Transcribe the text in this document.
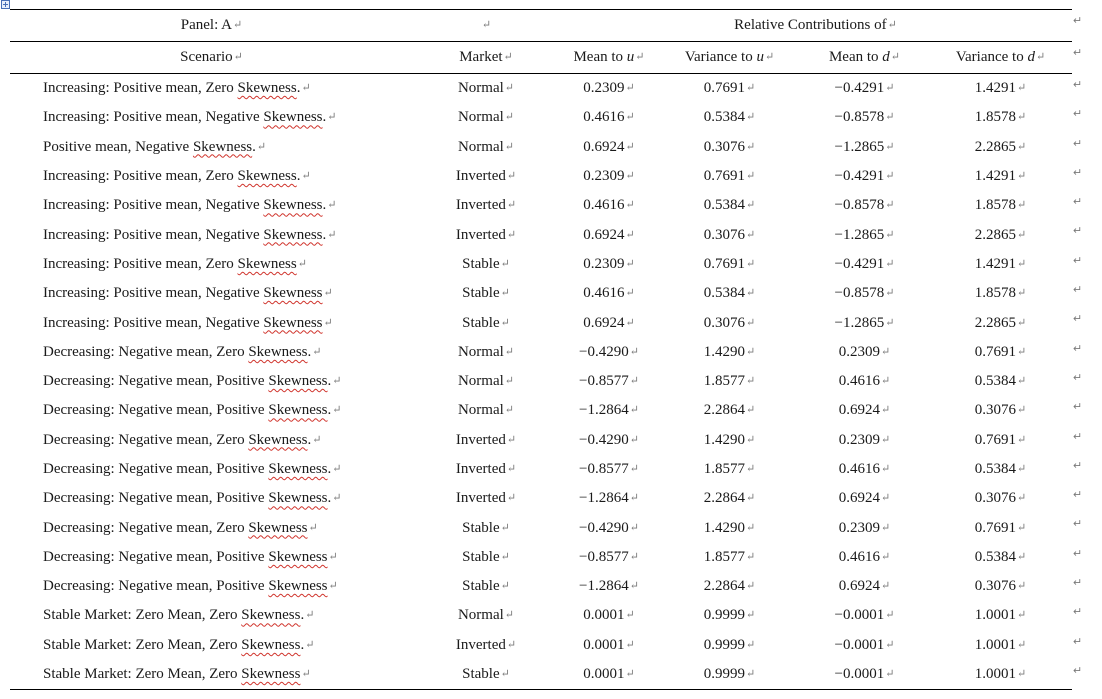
Panel: A↵	↵	Relative Contributions of↵			
Scenario↵	Market↵	Mean to u↵	Variance to u↵	Mean to d↵	Variance to d↵
Increasing: Positive mean, Zero Skewness.↵	Normal↵	0.2309↵	0.7691↵	−0.4291↵	1.4291↵
Increasing: Positive mean, Negative Skewness.↵	Normal↵	0.4616↵	0.5384↵	−0.8578↵	1.8578↵
Positive mean, Negative Skewness.↵	Normal↵	0.6924↵	0.3076↵	−1.2865↵	2.2865↵
Increasing: Positive mean, Zero Skewness.↵	Inverted↵	0.2309↵	0.7691↵	−0.4291↵	1.4291↵
Increasing: Positive mean, Negative Skewness.↵	Inverted↵	0.4616↵	0.5384↵	−0.8578↵	1.8578↵
Increasing: Positive mean, Negative Skewness.↵	Inverted↵	0.6924↵	0.3076↵	−1.2865↵	2.2865↵
Increasing: Positive mean, Zero Skewness↵	Stable↵	0.2309↵	0.7691↵	−0.4291↵	1.4291↵
Increasing: Positive mean, Negative Skewness↵	Stable↵	0.4616↵	0.5384↵	−0.8578↵	1.8578↵
Increasing: Positive mean, Negative Skewness↵	Stable↵	0.6924↵	0.3076↵	−1.2865↵	2.2865↵
Decreasing: Negative mean, Zero Skewness.↵	Normal↵	−0.4290↵	1.4290↵	0.2309↵	0.7691↵
Decreasing: Negative mean, Positive Skewness.↵	Normal↵	−0.8577↵	1.8577↵	0.4616↵	0.5384↵
Decreasing: Negative mean, Positive Skewness.↵	Normal↵	−1.2864↵	2.2864↵	0.6924↵	0.3076↵
Decreasing: Negative mean, Zero Skewness.↵	Inverted↵	−0.4290↵	1.4290↵	0.2309↵	0.7691↵
Decreasing: Negative mean, Positive Skewness.↵	Inverted↵	−0.8577↵	1.8577↵	0.4616↵	0.5384↵
Decreasing: Negative mean, Positive Skewness.↵	Inverted↵	−1.2864↵	2.2864↵	0.6924↵	0.3076↵
Decreasing: Negative mean, Zero Skewness↵	Stable↵	−0.4290↵	1.4290↵	0.2309↵	0.7691↵
Decreasing: Negative mean, Positive Skewness↵	Stable↵	−0.8577↵	1.8577↵	0.4616↵	0.5384↵
Decreasing: Negative mean, Positive Skewness↵	Stable↵	−1.2864↵	2.2864↵	0.6924↵	0.3076↵
Stable Market: Zero Mean, Zero Skewness.↵	Normal↵	0.0001↵	0.9999↵	−0.0001↵	1.0001↵
Stable Market: Zero Mean, Zero Skewness.↵	Inverted↵	0.0001↵	0.9999↵	−0.0001↵	1.0001↵
Stable Market: Zero Mean, Zero Skewness↵	Stable↵	0.0001↵	0.9999↵	−0.0001↵	1.0001↵
↵
↵
↵
↵
↵
↵
↵
↵
↵
↵
↵
↵
↵
↵
↵
↵
↵
↵
↵
↵
↵
↵
↵
